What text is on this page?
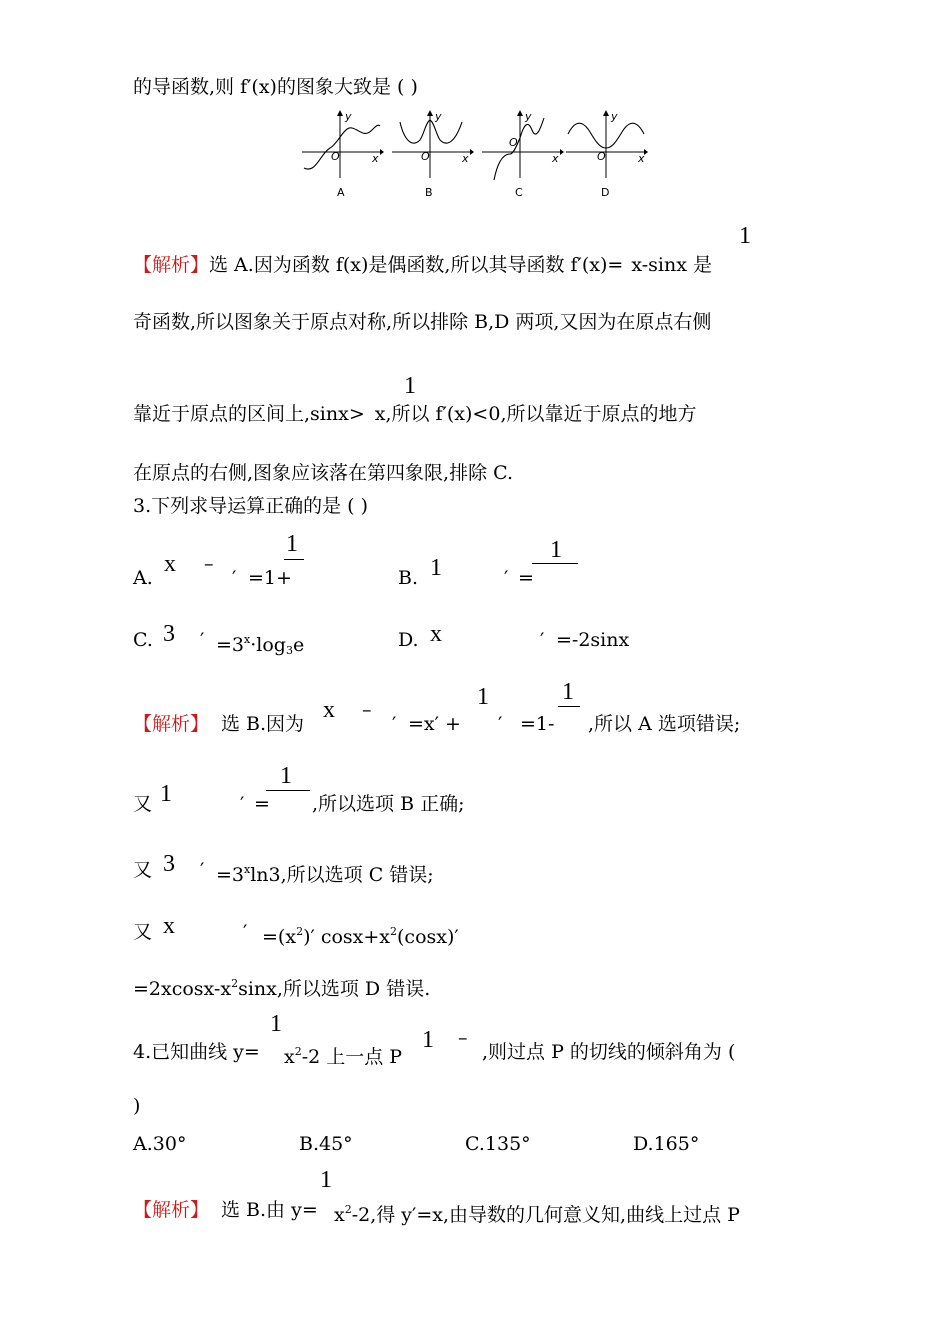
的导函数,则 f′(x)的图象大致是 ( )
y
x
O
A
y
x
O
B
y
x
O
C
y
x
O
D
【解析】选 A.因为函数 f(x)是偶函数,所以其导函数 f′(x)= x-sinx 是
1
奇函数,所以图象关于原点对称,所以排除 B,D 两项,又因为在原点右侧
靠近于原点的区间上,sinx> x,所以 f′(x)<0,所以靠近于原点的地方
1
在原点的右侧,图象应该落在第四象限,排除 C.
3.下列求导运算正确的是 ( )
A.
x –
′ =1+
1
B. 1	′ =
1
C. 3 ′ $=3^x\cdot\log_3e$	D. x	′ =-2sinx
【解析】 选 B.因为
x –
′ =x′ +
1
′ =1-
1
,所以 A 选项错误;
又 1	′ =
1
,所以选项 B 正确;
又 3 ′ $=3^x\ln 3$,所以选项 C 错误;
又 x	′ $=(x^2)'$ $\cos x+x^2(\cos x)'$
$=2xcosx-x^2\sin x$,所以选项 D 错误.
4.已知曲线 y=
1
$x^2-2$ 上一点 P
1 –
,则过点 P 的切线的倾斜角为 (
)
A.30°	B.45°	C.135°	D.165°
【解析】 选 B.由 y=
1
$x^2-2$,得 y′=x,由导数的几何意义知,曲线上过点 P
